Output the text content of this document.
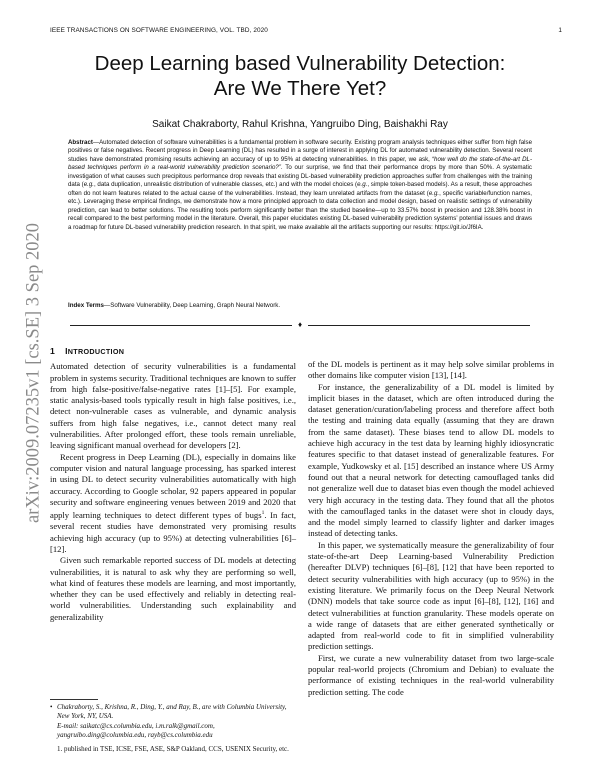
IEEE TRANSACTIONS ON SOFTWARE ENGINEERING, VOL. TBD, 2020	1
Deep Learning based Vulnerability Detection:
Are We There Yet?
Saikat Chakraborty, Rahul Krishna, Yangruibo Ding, Baishakhi Ray
Abstract—Automated detection of software vulnerabilities is a fundamental problem in software security. Existing program analysis techniques either suffer from high false positives or false negatives. Recent progress in Deep Learning (DL) has resulted in a surge of interest in applying DL for automated vulnerability detection. Several recent studies have demonstrated promising results achieving an accuracy of up to 95% at detecting vulnerabilities. In this paper, we ask, “how well do the state-of-the-art DL-based techniques perform in a real-world vulnerability prediction scenario?”. To our surprise, we find that their performance drops by more than 50%. A systematic investigation of what causes such precipitous performance drop reveals that existing DL-based vulnerability prediction approaches suffer from challenges with the training data (e.g., data duplication, unrealistic distribution of vulnerable classes, etc.) and with the model choices (e.g., simple token-based models). As a result, these approaches often do not learn features related to the actual cause of the vulnerabilities. Instead, they learn unrelated artifacts from the dataset (e.g., specific variable/function names, etc.). Leveraging these empirical findings, we demonstrate how a more principled approach to data collection and model design, based on realistic settings of vulnerability prediction, can lead to better solutions. The resulting tools perform significantly better than the studied baseline—up to 33.57% boost in precision and 128.38% boost in recall compared to the best performing model in the literature. Overall, this paper elucidates existing DL-based vulnerability prediction systems’ potential issues and draws a roadmap for future DL-based vulnerability prediction research. In that spirit, we make available all the artifacts supporting our results: https://git.io/Jf6IA.
Index Terms—Software Vulnerability, Deep Learning, Graph Neural Network.
♦
arXiv:2009.07235v1 [cs.SE] 3 Sep 2020 1 INTRODUCTION

Automated detection of security vulnerabilities is a fundamental problem in systems security. Traditional techniques are known to suffer from high false-positive/false-negative rates [1]–[5]. For example, static analysis-based tools typically result in high false positives, i.e., detect non-vulnerable cases as vulnerable, and dynamic analysis suffers from high false negatives, i.e., cannot detect many real vulnerabilities. After prolonged effort, these tools remain unreliable, leaving significant manual overhead for developers [2].

Recent progress in Deep Learning (DL), especially in domains like computer vision and natural language processing, has sparked interest in using DL to detect security vulnerabilities automatically with high accuracy. According to Google scholar, 92 papers appeared in popular security and software engineering venues between 2019 and 2020 that apply learning techniques to detect different types of bugs$^1$. In fact, several recent studies have demonstrated very promising results achieving high accuracy (up to 95%) at detecting vulnerabilities [6]–[12].

Given such remarkable reported success of DL models at detecting vulnerabilities, it is natural to ask why they are performing so well, what kind of features these models are learning, and most importantly, whether they can be used effectively and reliably in detecting real-world vulnerabilities. Understanding such explainability and generalizability

of the DL models is pertinent as it may help solve similar problems in other domains like computer vision [13], [14].

For instance, the generalizability of a DL model is limited by implicit biases in the dataset, which are often introduced during the dataset generation/curation/labeling process and therefore affect both the testing and training data equally (assuming that they are drawn from the same dataset). These biases tend to allow DL models to achieve high accuracy in the test data by learning highly idiosyncratic features specific to that dataset instead of generalizable features. For example, Yudkowsky et al. [15] described an instance where US Army found out that a neural network for detecting camouflaged tanks did not generalize well due to dataset bias even though the model achieved very high accuracy in the testing data. They found that all the photos with the camouflaged tanks in the dataset were shot in cloudy days, and the model simply learned to classify lighter and darker images instead of detecting tanks.

In this paper, we systematically measure the generalizability of four state-of-the-art Deep Learning-based Vulnerability Prediction (hereafter DLVP) techniques [6]–[8], [12] that have been reported to detect security vulnerabilities with high accuracy (up to 95%) in the existing literature. We primarily focus on the Deep Neural Network (DNN) models that take source code as input [6]–[8], [12], [16] and detect vulnerabilities at function granularity. These models operate on a wide range of datasets that are either generated synthetically or adapted from real-world code to fit in simplified vulnerability prediction settings.

First, we curate a new vulnerability dataset from two large-scale popular real-world projects (Chromium and Debian) to evaluate the performance of existing techniques in the real-world vulnerability prediction setting. The code

• Chakraborty, S., Krishna, R., Ding, Y., and Ray, B., are with Columbia University, New York, NY, USA.

E-mail: saikatc@cs.columbia.edu, i.m.ralk@gmail.com, yangruibo.ding@columbia.edu, rayb@cs.columbia.edu

1. published in TSE, ICSE, FSE, ASE, S&P Oakland, CCS, USENIX Security, etc.
